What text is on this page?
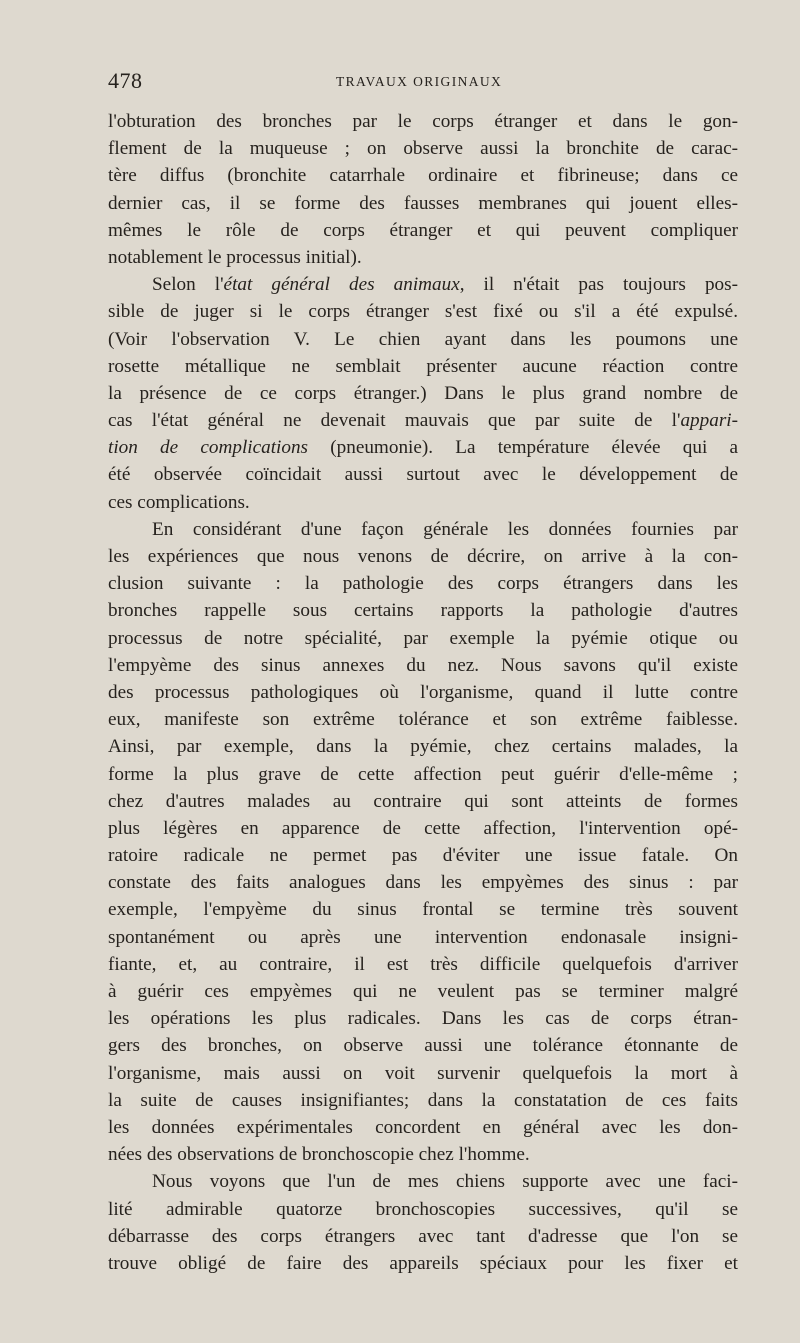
478	TRAVAUX ORIGINAUX
l'obturation des bronches par le corps étranger et dans le gon-
flement de la muqueuse ; on observe aussi la bronchite de carac-
tère diffus (bronchite catarrhale ordinaire et fibrineuse; dans ce
dernier cas, il se forme des fausses membranes qui jouent elles-
mêmes le rôle de corps étranger et qui peuvent compliquer
notablement le processus initial).
Selon l'état général des animaux, il n'était pas toujours pos-
sible de juger si le corps étranger s'est fixé ou s'il a été expulsé.
(Voir l'observation V. Le chien ayant dans les poumons une
rosette métallique ne semblait présenter aucune réaction contre
la présence de ce corps étranger.) Dans le plus grand nombre de
cas l'état général ne devenait mauvais que par suite de l'appari-
tion de complications (pneumonie). La température élevée qui a
été observée coïncidait aussi surtout avec le développement de
ces complications.
En considérant d'une façon générale les données fournies par
les expériences que nous venons de décrire, on arrive à la con-
clusion suivante : la pathologie des corps étrangers dans les
bronches rappelle sous certains rapports la pathologie d'autres
processus de notre spécialité, par exemple la pyémie otique ou
l'empyème des sinus annexes du nez. Nous savons qu'il existe
des processus pathologiques où l'organisme, quand il lutte contre
eux, manifeste son extrême tolérance et son extrême faiblesse.
Ainsi, par exemple, dans la pyémie, chez certains malades, la
forme la plus grave de cette affection peut guérir d'elle-même ;
chez d'autres malades au contraire qui sont atteints de formes
plus légères en apparence de cette affection, l'intervention opé-
ratoire radicale ne permet pas d'éviter une issue fatale. On
constate des faits analogues dans les empyèmes des sinus : par
exemple, l'empyème du sinus frontal se termine très souvent
spontanément ou après une intervention endonasale insigni-
fiante, et, au contraire, il est très difficile quelquefois d'arriver
à guérir ces empyèmes qui ne veulent pas se terminer malgré
les opérations les plus radicales. Dans les cas de corps étran-
gers des bronches, on observe aussi une tolérance étonnante de
l'organisme, mais aussi on voit survenir quelquefois la mort à
la suite de causes insignifiantes; dans la constatation de ces faits
les données expérimentales concordent en général avec les don-
nées des observations de bronchoscopie chez l'homme.
Nous voyons que l'un de mes chiens supporte avec une faci-
lité admirable quatorze bronchoscopies successives, qu'il se
débarrasse des corps étrangers avec tant d'adresse que l'on se
trouve obligé de faire des appareils spéciaux pour les fixer et
